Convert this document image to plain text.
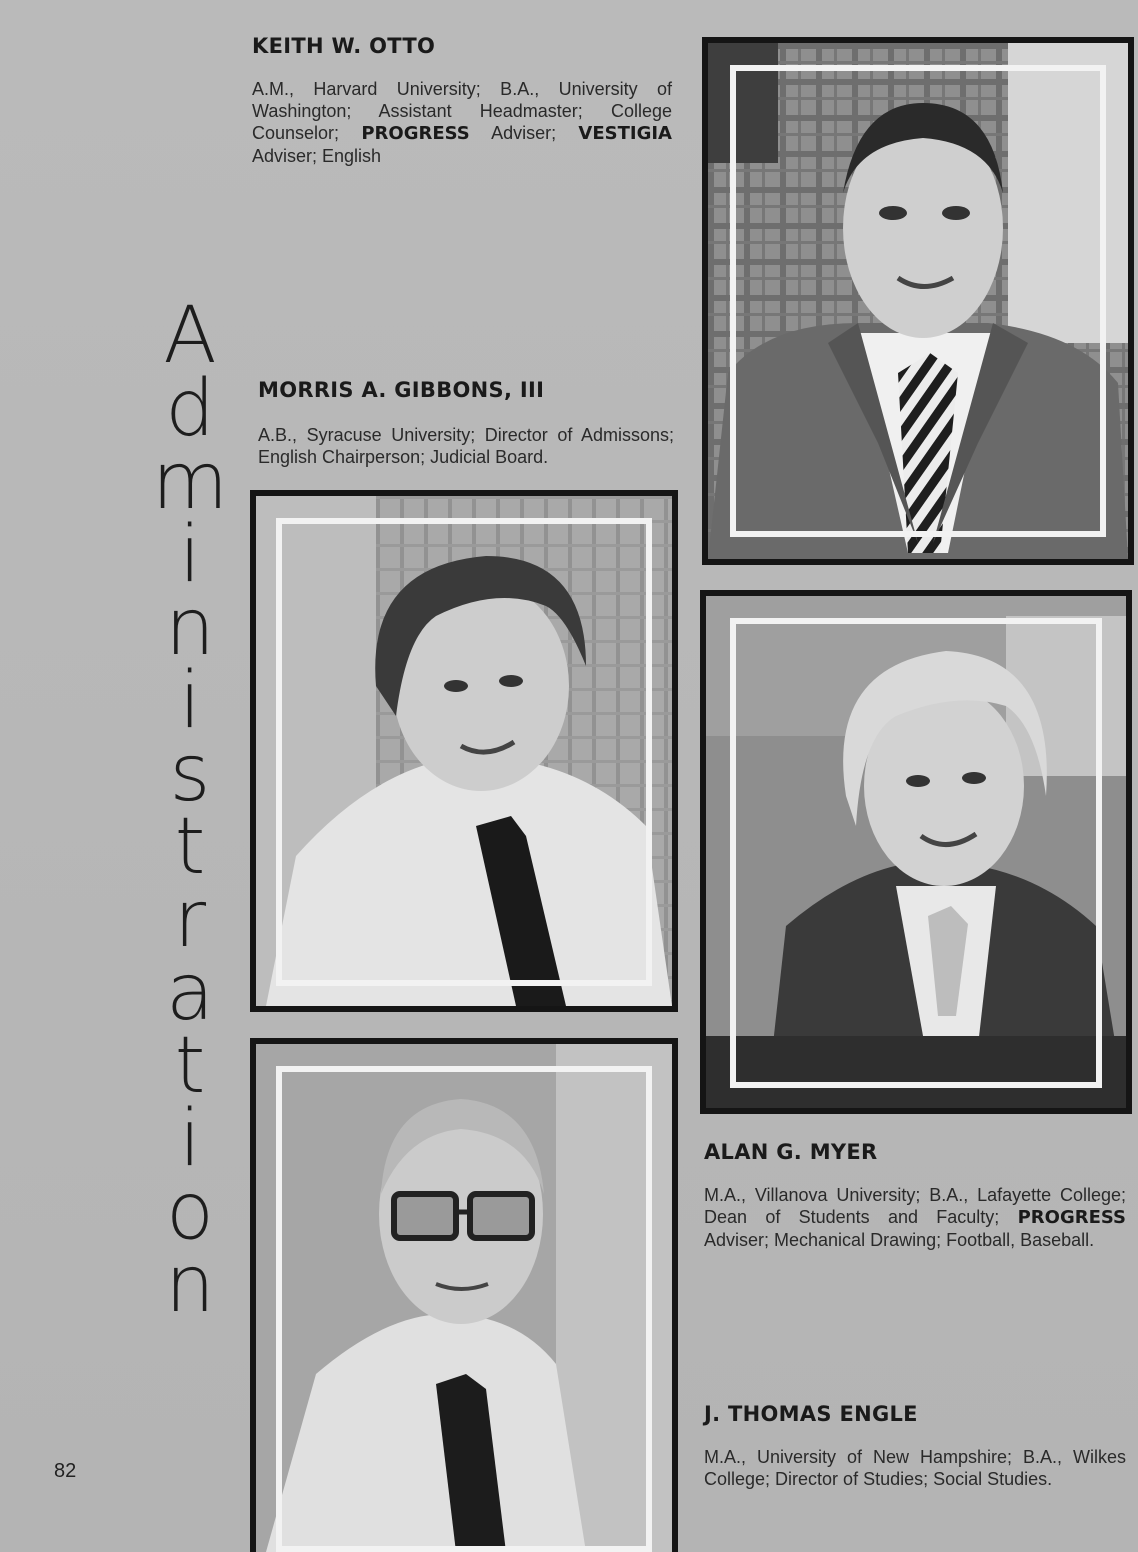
A
d
m
i
n
i
s
t
r
a
t
i
o
n
KEITH W. OTTO

A.M., Harvard University; B.A., University of Washington; Assistant Headmaster; College Counselor; PROGRESS Adviser; VESTIGIA Adviser; English

MORRIS A. GIBBONS, III

A.B., Syracuse University; Director of Admissons; English Chairperson; Judicial Board.

ALAN G. MYER

M.A., Villanova University; B.A., Lafayette College; Dean of Students and Faculty; PROGRESS Adviser; Mechanical Drawing; Football, Baseball.

J. THOMAS ENGLE

M.A., University of New Hampshire; B.A., Wilkes College; Director of Studies; Social Studies.

82
